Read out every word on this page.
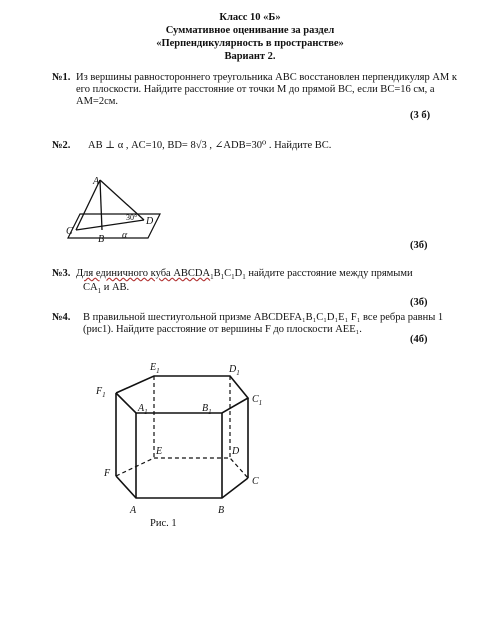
Класс 10 «Б»
Суммативное оценивание за раздел
«Перпендикулярность в пространстве»
Вариант 2.
№1. Из вершины равностороннего треугольника ABC восстановлен перпендикуляр AM к его плоскости. Найдите расстояние от точки M до прямой BC, если BC=16 см, а AM=2см.
(3 б)
№2. AB ⊥ α , AC=10, BD= 8√3 , ∠ADB=30⁰ . Найдите BC.
A
C
B
D
α
30°
(3б)
№3. Для единичного куба $ABCDA_1B_1C_1D_1$ найдите расстояние между прямыми
$CA_1$ и AB.
(3б)
№4. В правильной шестиугольной призме ABCDEFA₁B₁C₁D₁E₁ F₁ все ребра равны 1 (рис1). Найдите расстояние от вершины F до плоскости AEE₁.
(4б)
$E_1$	$D_1$
$F_1$	$C_1$
$A_1$	$B_1$
E	D
F
C
A	B
Рис. 1
